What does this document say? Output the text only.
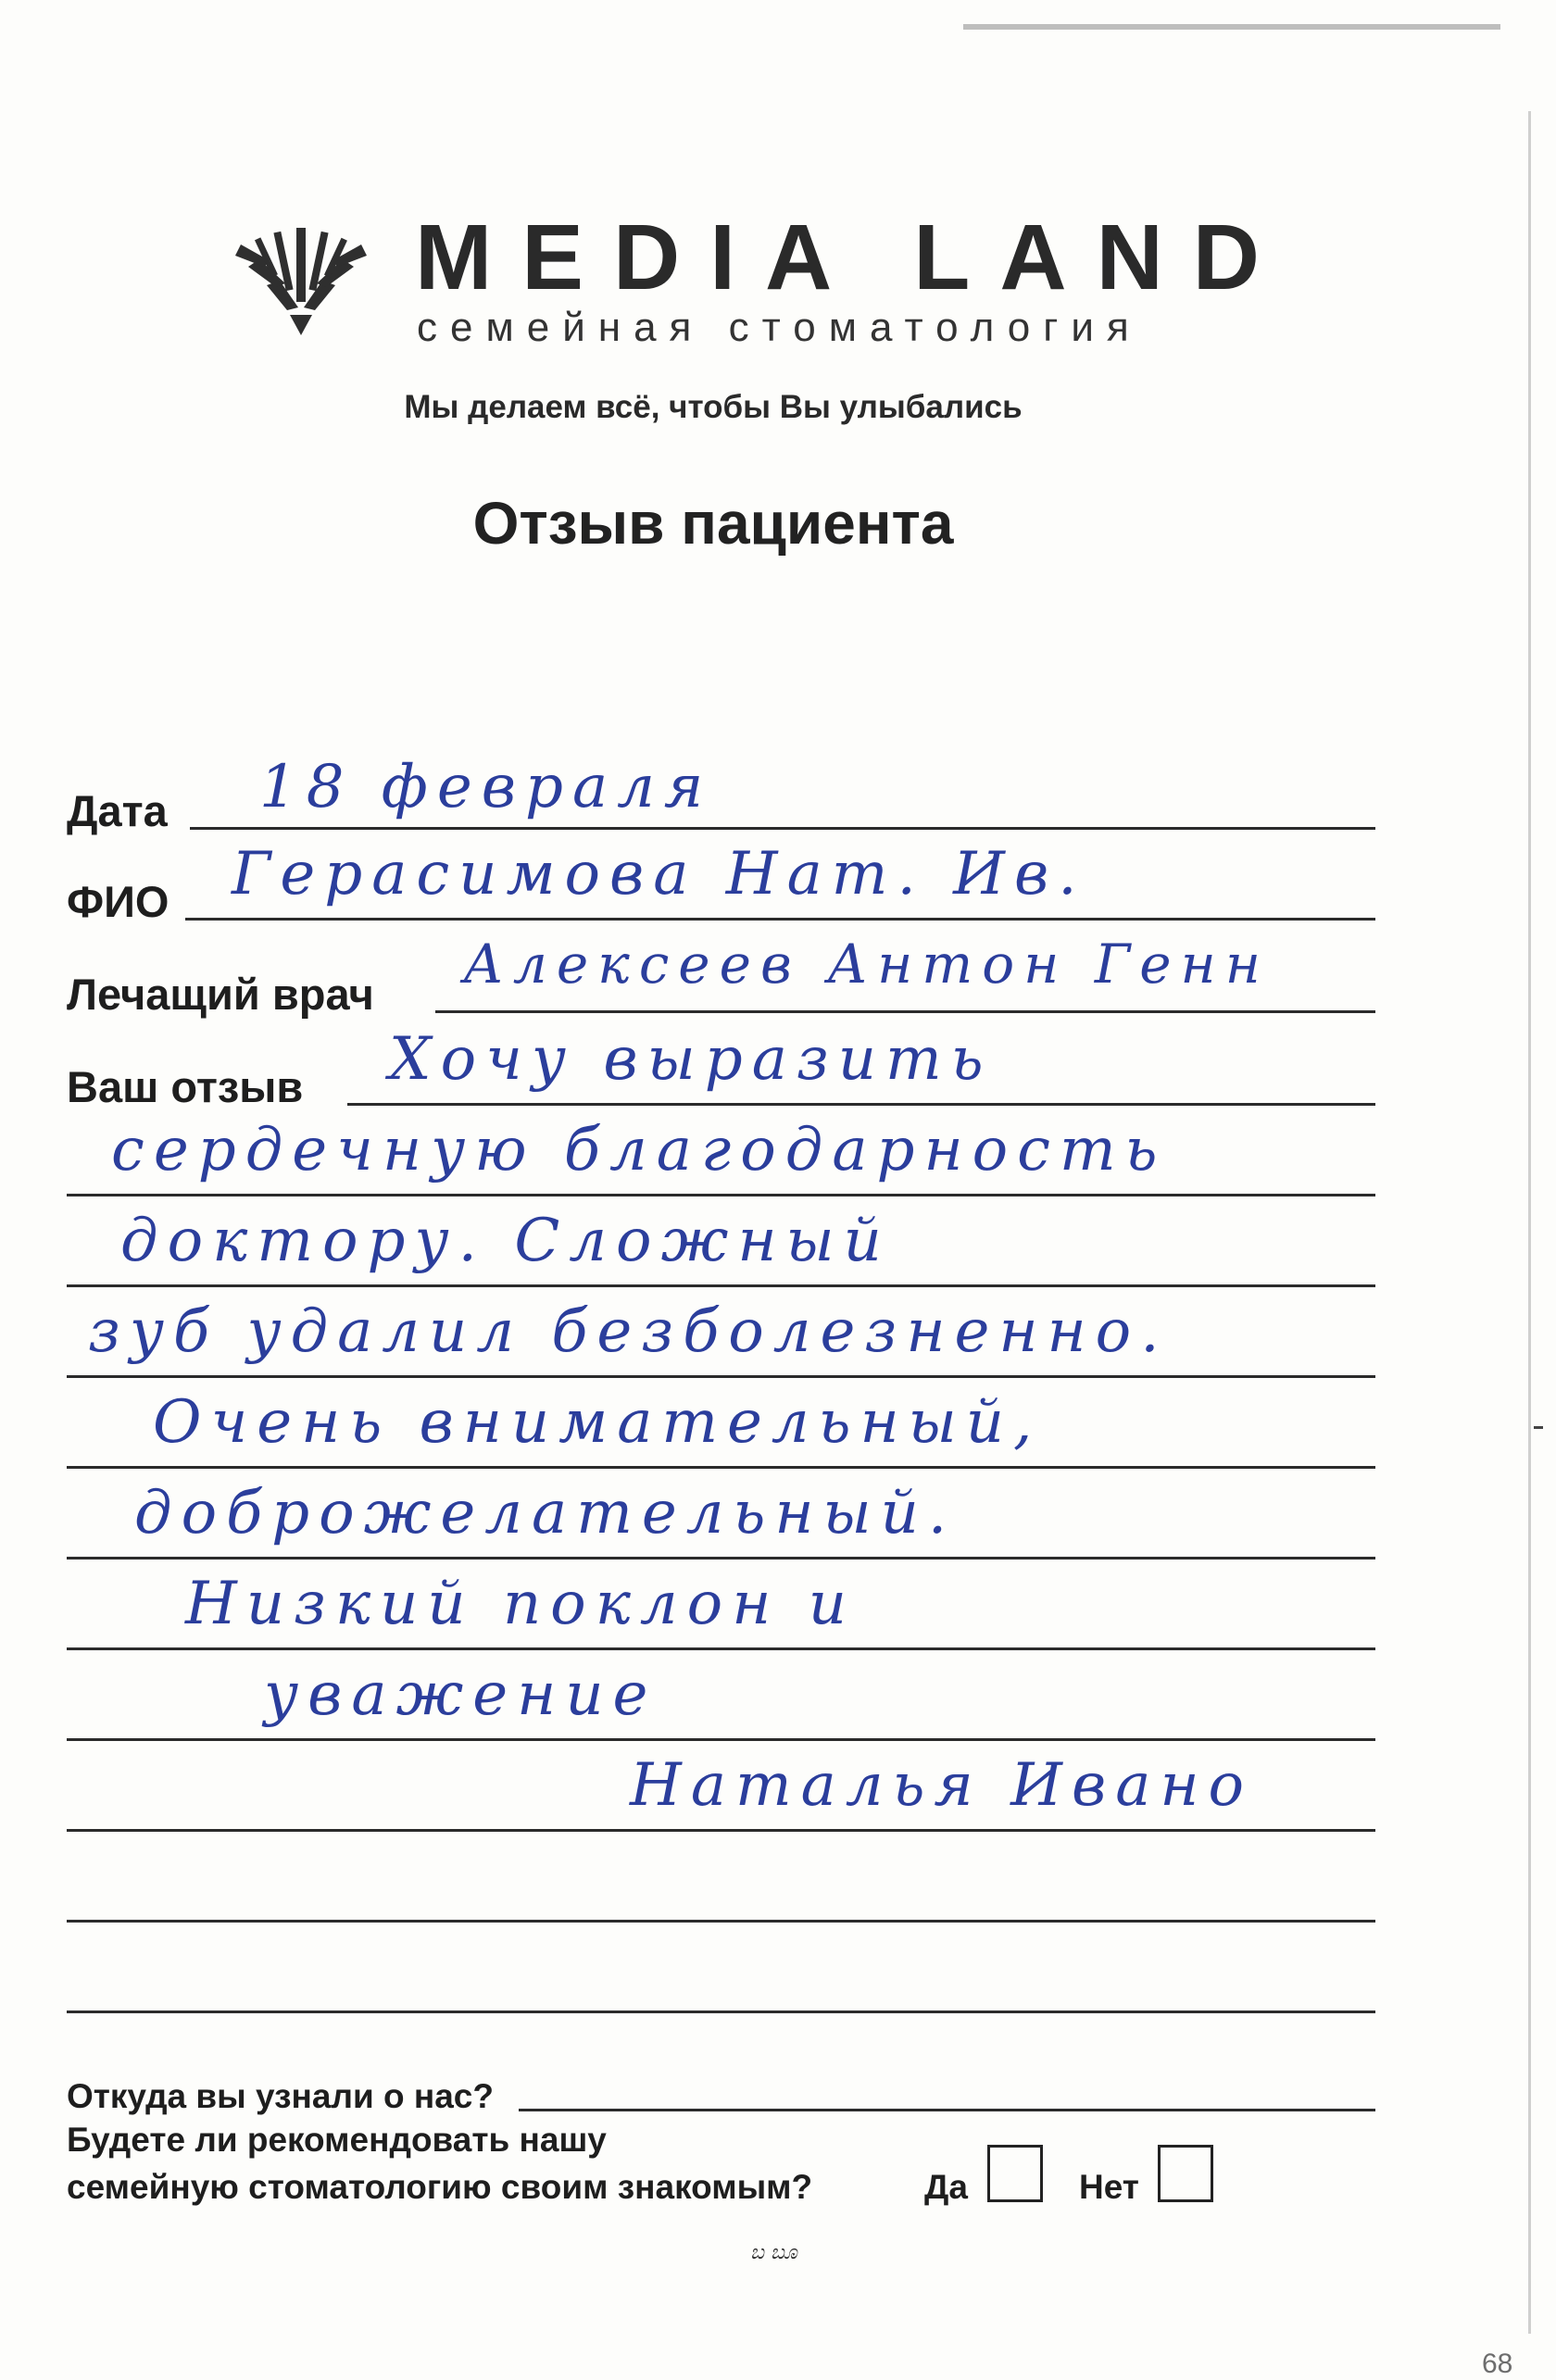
MEDIA LAND
семейная стоматология
Мы делаем всё, чтобы Вы улыбались
Отзыв пациента
Дата 18 февраля
ФИО Герасимова Нат. Ив.
Лечащий врач Алексеев Антон Генн
Ваш отзыв Хочу выразить
сердечную благодарность
доктору. Сложный
зуб удалил безболезненно.
Очень внимательный,
доброжелательный.
Низкий поклон и
уважение
Наталья Ивано
Откуда вы узнали о нас?
Будете ли рекомендовать нашу
семейную стоматологию своим знакомым?	Да	Нет
ಬ ಬೂ
68
